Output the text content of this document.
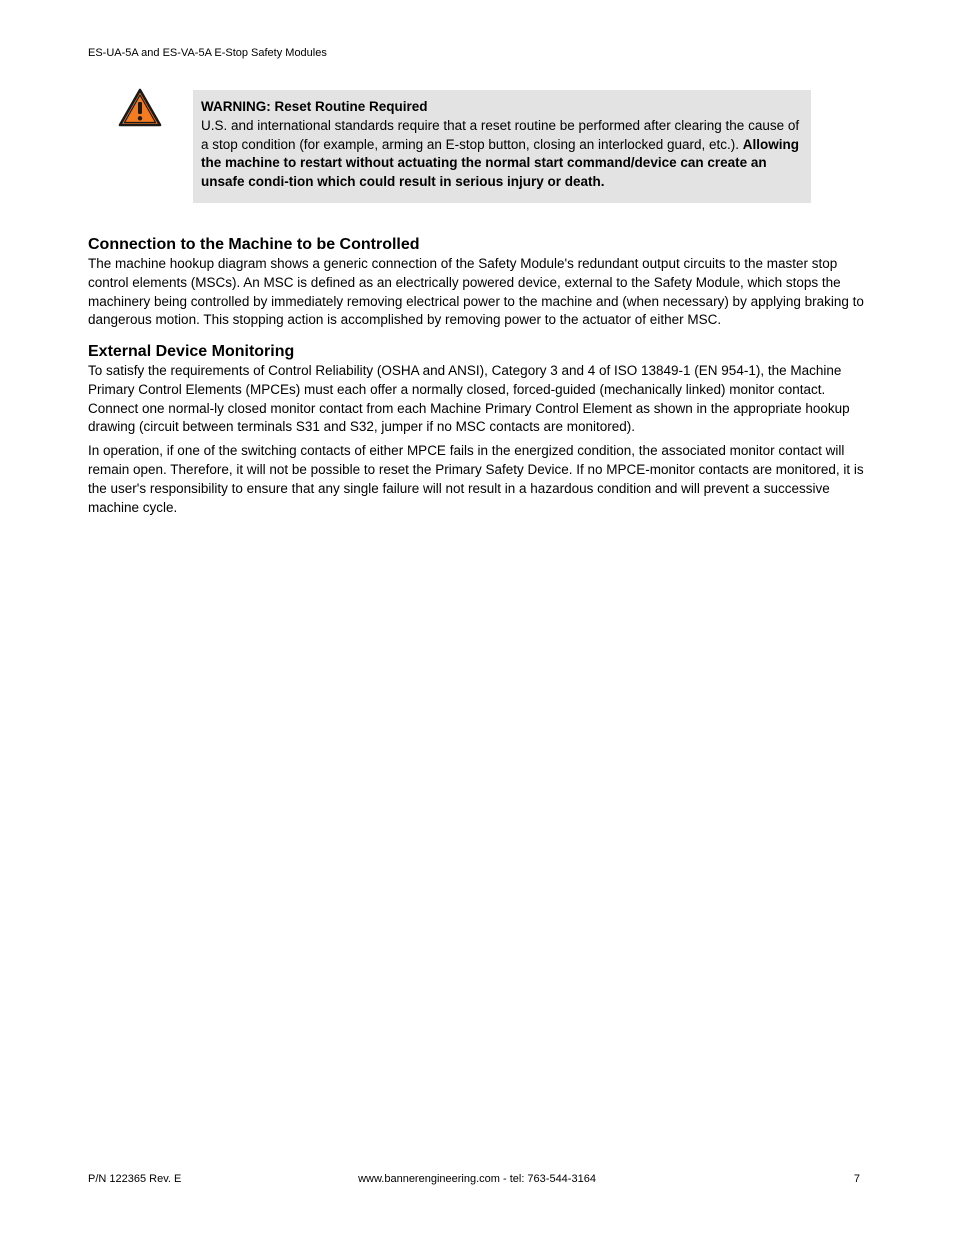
ES-UA-5A and ES-VA-5A E-Stop Safety Modules
WARNING: Reset Routine Required
U.S. and international standards require that a reset routine be performed after clearing the cause of a stop condition (for example, arming an E-stop button, closing an interlocked guard, etc.). Allowing the machine to restart without actuating the normal start command/device can create an unsafe condi-tion which could result in serious injury or death.
Connection to the Machine to be Controlled

The machine hookup diagram shows a generic connection of the Safety Module's redundant output circuits to the master stop control elements (MSCs). An MSC is defined as an electrically powered device, external to the Safety Module, which stops the machinery being controlled by immediately removing electrical power to the machine and (when necessary) by applying braking to dangerous motion. This stopping action is accomplished by removing power to the actuator of either MSC.

External Device Monitoring

To satisfy the requirements of Control Reliability (OSHA and ANSI), Category 3 and 4 of ISO 13849-1 (EN 954-1), the Machine Primary Control Elements (MPCEs) must each offer a normally closed, forced-guided (mechanically linked) monitor contact. Connect one normal-ly closed monitor contact from each Machine Primary Control Element as shown in the appropriate hookup drawing (circuit between terminals S31 and S32, jumper if no MSC contacts are monitored).

In operation, if one of the switching contacts of either MPCE fails in the energized condition, the associated monitor contact will remain open. Therefore, it will not be possible to reset the Primary Safety Device. If no MPCE-monitor contacts are monitored, it is the user's responsibility to ensure that any single failure will not result in a hazardous condition and will prevent a successive machine cycle.

P/N 122365 Rev. E	www.bannerengineering.com - tel: 763-544-3164	7
